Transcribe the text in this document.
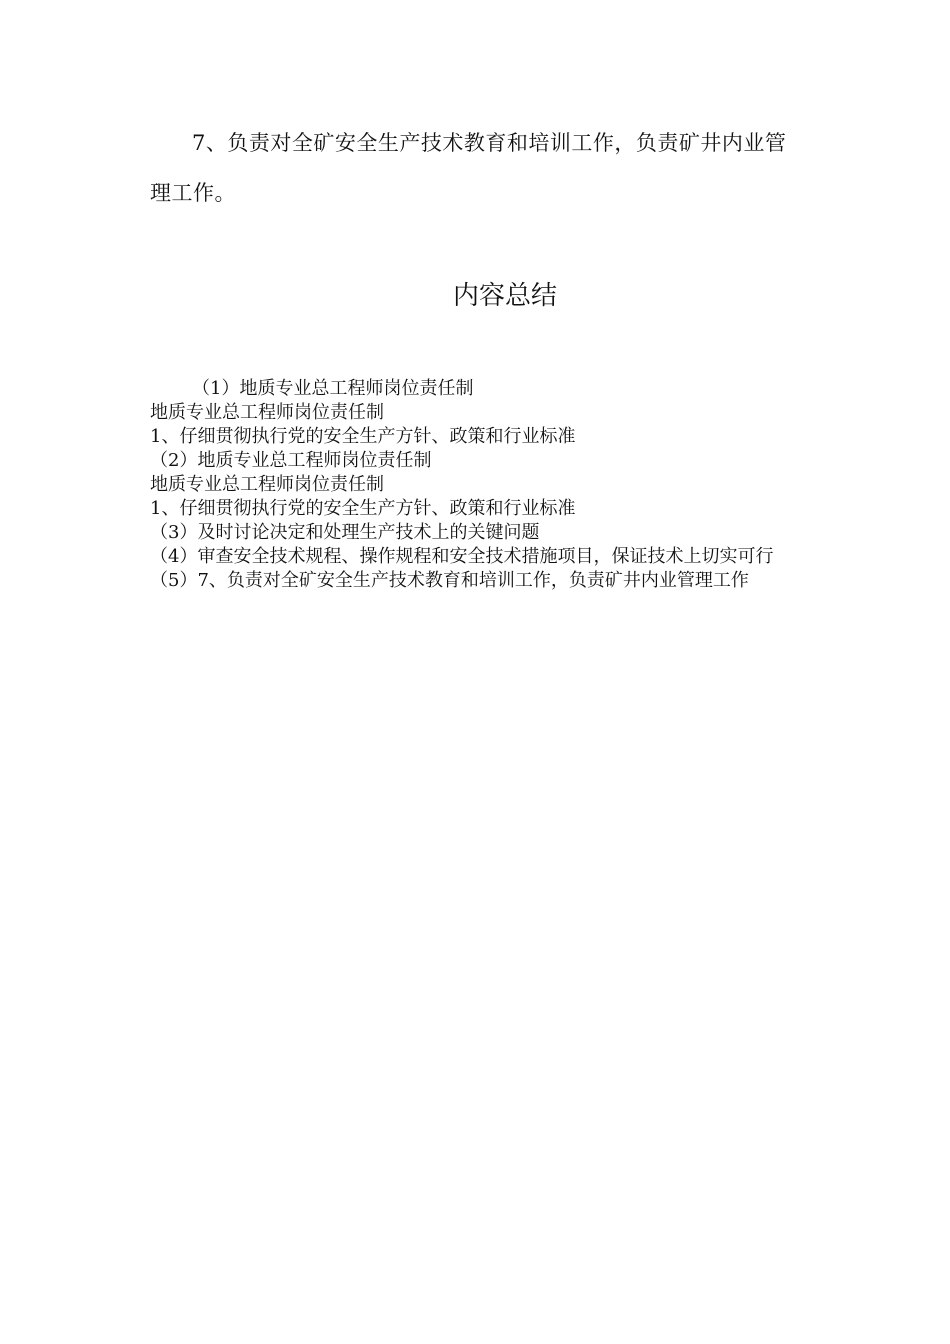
7、负责对全矿安全生产技术教育和培训工作，负责矿井内业管理工作。

内容总结
（1）地质专业总工程师岗位责任制
地质专业总工程师岗位责任制
1、仔细贯彻执行党的安全生产方针、政策和行业标准
（2）地质专业总工程师岗位责任制
地质专业总工程师岗位责任制
1、仔细贯彻执行党的安全生产方针、政策和行业标准
（3）及时讨论决定和处理生产技术上的关键问题
（4）审查安全技术规程、操作规程和安全技术措施项目，保证技术上切实可行
（5）7、负责对全矿安全生产技术教育和培训工作，负责矿井内业管理工作
